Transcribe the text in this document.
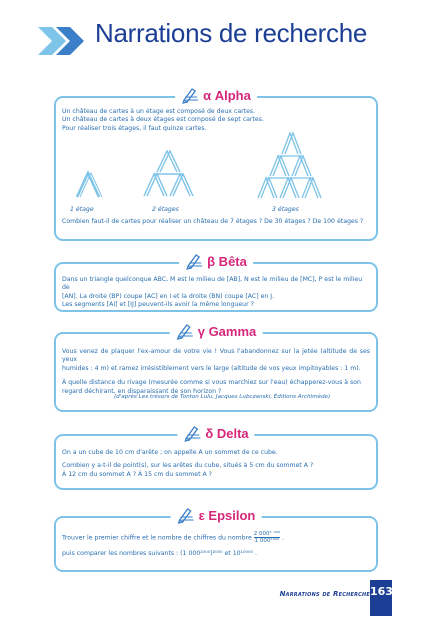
Narrations de recherche
α Alpha

Un château de cartes à un étage est composé de deux cartes.

Un château de cartes à deux étages est composé de sept cartes.

Pour réaliser trois étages, il faut quinze cartes.

1 étage	2 étages	3 étages
Combien faut-il de cartes pour réaliser un château de 7 étages ? De 30 étages ? De 100 étages ?
β Bêta

Dans un triangle quelconque ABC, M est le milieu de [AB], N est le milieu de [MC], P est le milieu de

[AN]. La droite (BP) coupe [AC] en I et la droite (BN) coupe [AC] en J.

Les segments [AI] et [IJ] peuvent-ils avoir la même longueur ?

γ Gamma

Vous venez de plaquer l'ex-amour de votre vie ! Vous l'abandonnez sur la jetée (altitude de ses yeux

humides : 4 m) et ramez irrésistiblement vers le large (altitude de vos yeux impitoyables : 1 m).

À quelle distance du rivage (mesurée comme si vous marchiez sur l'eau) échapperez-vous à son

regard déchirant, en disparaissant de son horizon ?

(d'après Les trésors de Tonton Lulu, Jacques Lubczanski, Éditions Archimède)
δ Delta

On a un cube de 10 cm d'arête ; on appelle A un sommet de ce cube.

Combien y a-t-il de point(s), sur les arêtes du cube, situés à 5 cm du sommet A ?

À 12 cm du sommet A ? À 15 cm du sommet A ?

ε Epsilon

Trouver le premier chiffre et le nombre de chiffres du nombre $\frac{\text{2 000¹ ⁰⁰⁰}}{\text{1 000²⁰⁰⁰}}$ .

puis comparer les nombres suivants : (1 000²⁰⁰⁰)²⁰⁰⁰ et 10¹⁰⁰⁰⁰ .

Narrations de Recherche 163
